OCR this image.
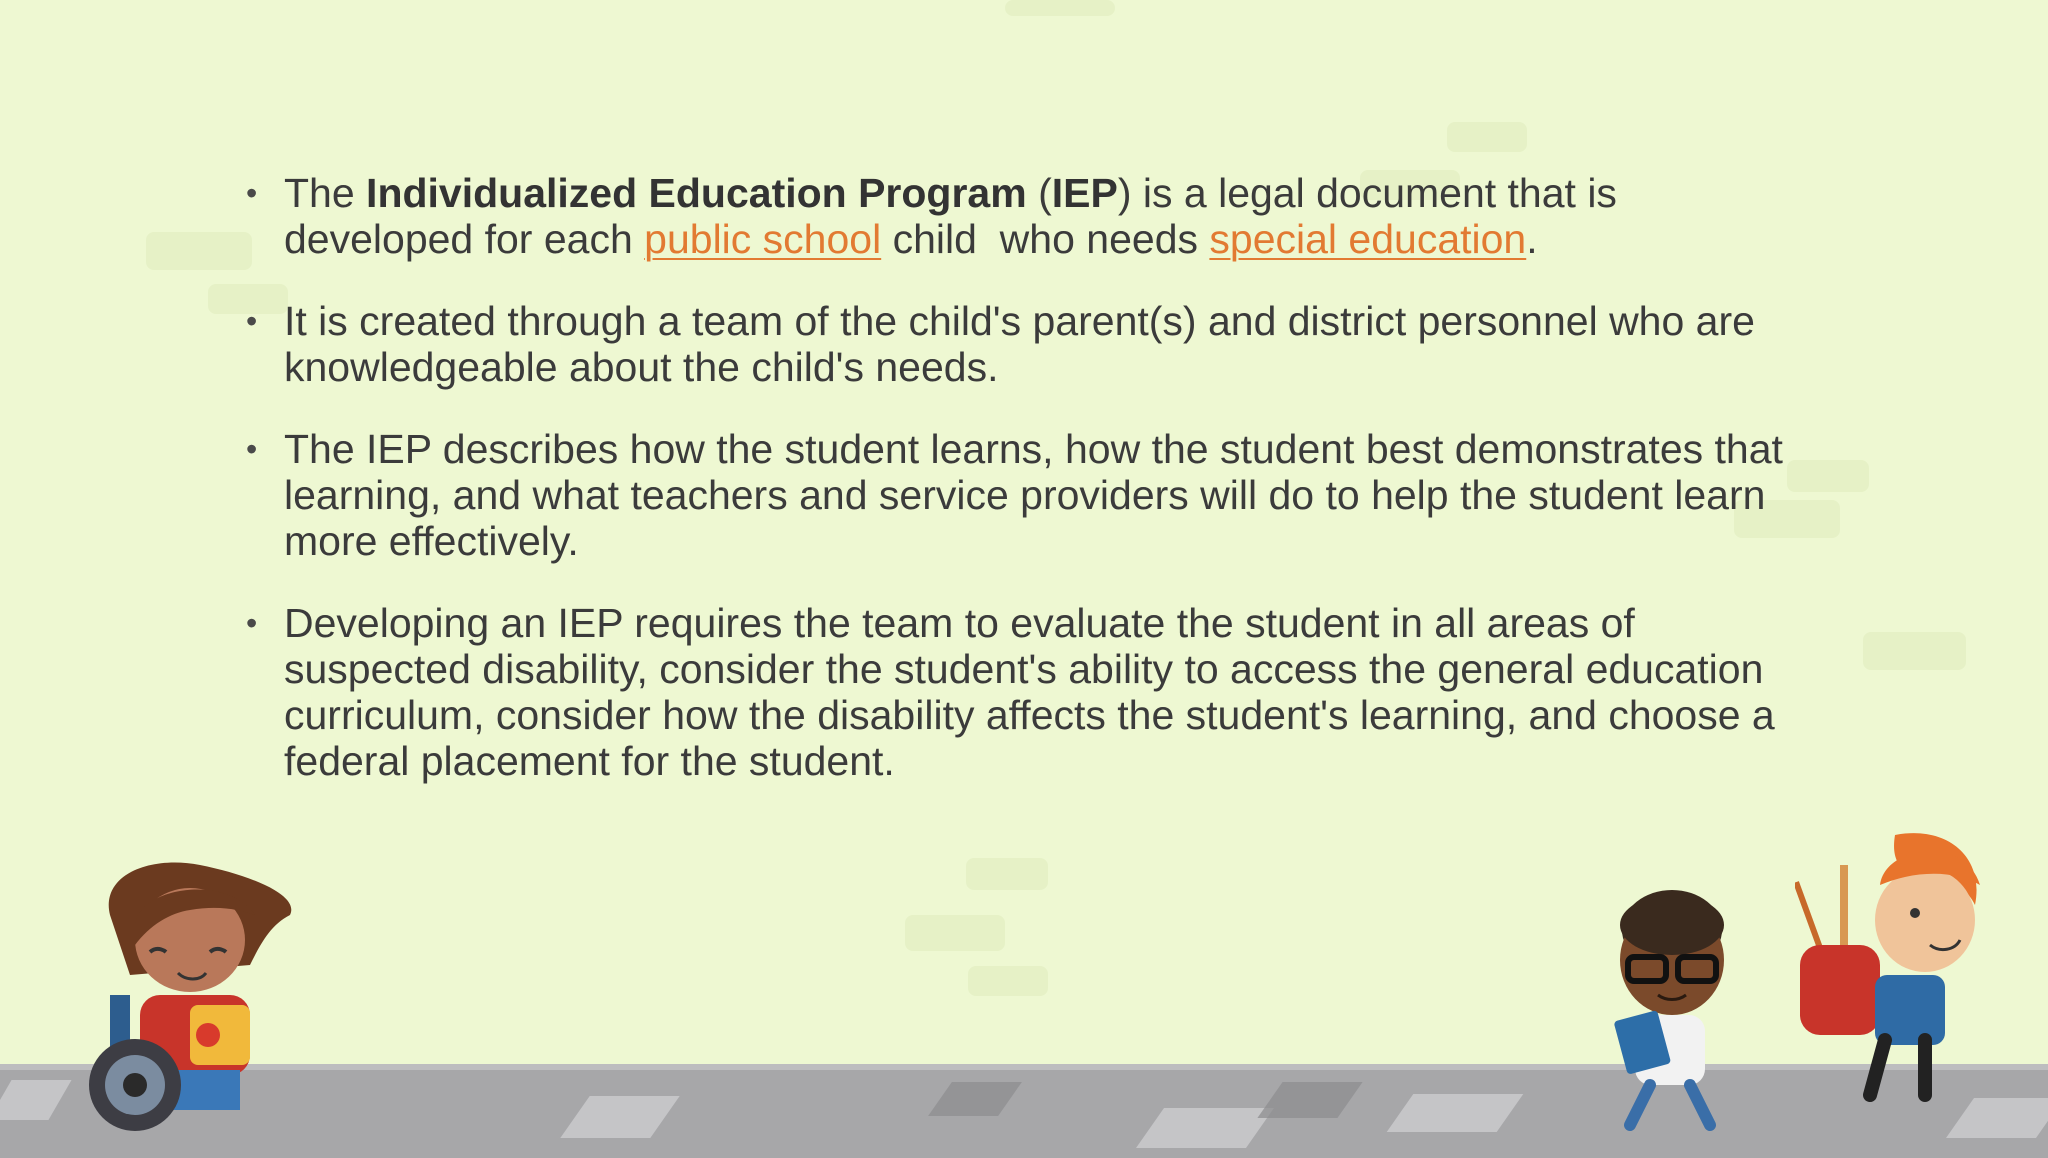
• The Individualized Education Program (IEP) is a legal document that is developed for each public school child  who needs special education.
• It is created through a team of the child's parent(s) and district personnel who are knowledgeable about the child's needs.
• The IEP describes how the student learns, how the student best demonstrates that learning, and what teachers and service providers will do to help the student learn more effectively.
• Developing an IEP requires the team to evaluate the student in all areas of suspected disability, consider the student's ability to access the general education curriculum, consider how the disability affects the student's learning, and choose a federal placement for the student.
